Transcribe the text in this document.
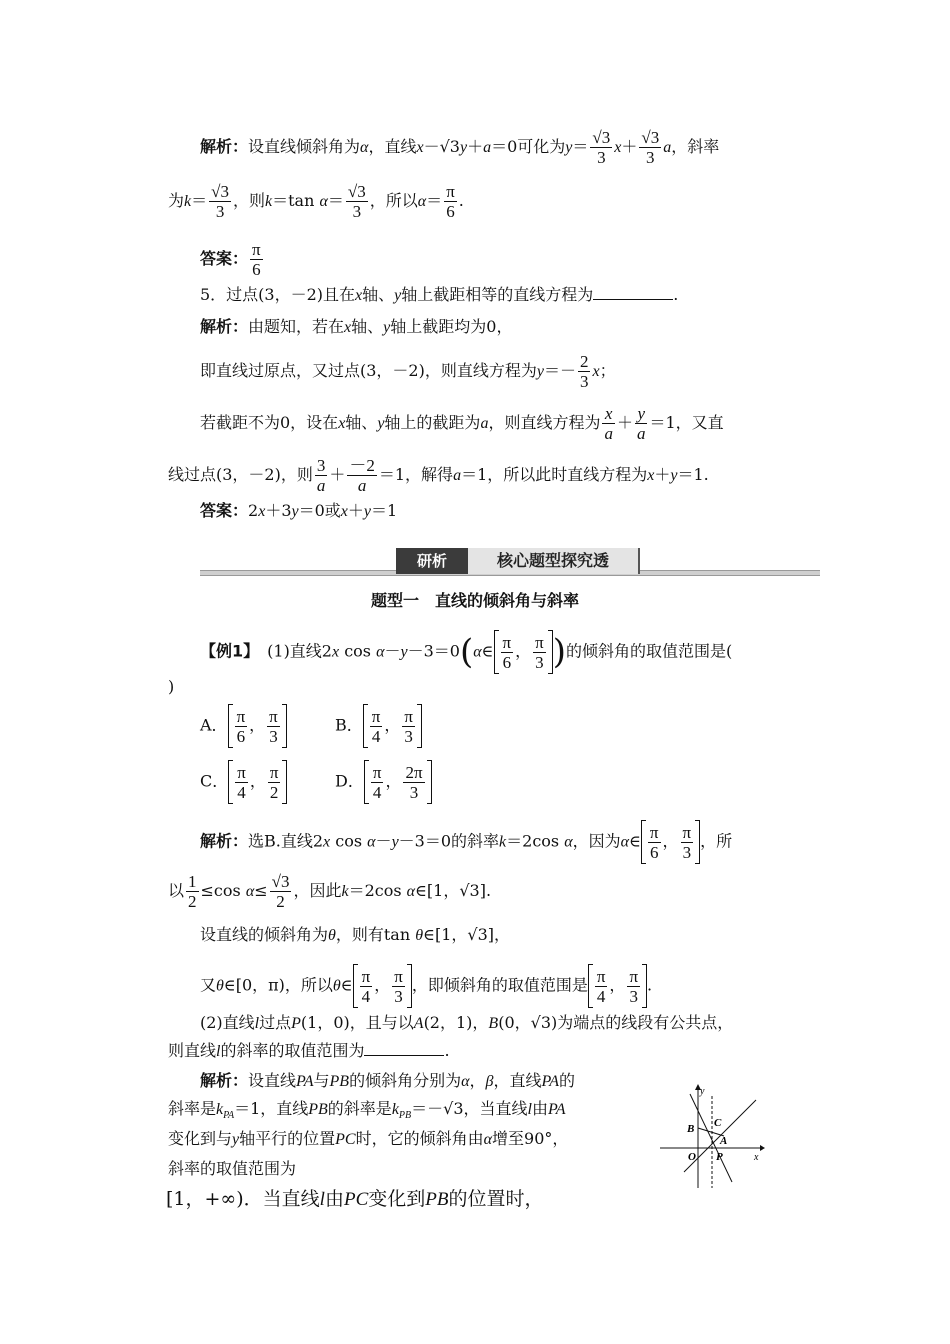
解析：设直线倾斜角为α，直线x－√3y＋a＝0可化为$y= \frac{√3}{3} x+ \frac{√3}{3}$ a，斜率
为$k= \frac{√3}{3}$ ，则k＝tan $\alpha= \frac{√3}{3}$ ，所以$\alpha= \frac{\pi}{6}$ .
答案： $\frac{\pi}{6}$
5．过点(3，－2)且在x轴、y轴上截距相等的直线方程为	.
解析：由题知，若在x轴、y轴上截距均为0，
即直线过原点，又过点(3，－2)，则直线方程为$y=- \frac{2}{3}$ x；
若截距不为0，设在x轴、y轴上的截距为a，则直线方程为 $\frac{x}{a} + \frac{y}{a} =1$，又直
线过点(3，－2)，则 $\frac{3}{a} + \frac{-2}{a} =1$，解得a＝1，所以此时直线方程为x＋y＝1.
答案：2x＋3y＝0或x＋y＝1
研析	核心题型探究透
题型一　直线的倾斜角与斜率
【例1】　(1)直线2x cos α－y－3＝0(α∈ $\frac{\pi}{6}$ ， $\frac{\pi}{3}$ )的倾斜角的取值范围是(
)
A． $\frac{\pi}{6}$ ， $\frac{\pi}{3}$	B． $\frac{\pi}{4}$ ， $\frac{\pi}{3}$
C． $\frac{\pi}{4}$ ， $\frac{\pi}{2}$	D． $\frac{\pi}{4}$ ， $\frac{2\pi}{3}$
解析：选B.直线2x cos α－y－3＝0的斜率k＝2cos α，因为α∈ $\frac{\pi}{6}$ ， $\frac{\pi}{3}$ ，所
以 $\frac{1}{2} \le\cos$ $\alpha\le \frac{√3}{2}$ ，因此k＝2cos α∈[1，√3].
设直线的倾斜角为θ，则有tan θ∈[1，√3]，
又θ∈[0，π)，所以θ∈ $\frac{\pi}{4}$ ， $\frac{\pi}{3}$ ，即倾斜角的取值范围是 $\frac{\pi}{4}$ ， $\frac{\pi}{3}$ .
(2)直线l过点P(1，0)，且与以A(2，1)，B(0，√3)为端点的线段有公共点，
则直线l的斜率的取值范围为	.
解析：设直线PA与PB的倾斜角分别为α，β，直线PA的
斜率是$k_{PA}=1$，直线PB的斜率是$k_{PB}=-√3$，当直线l由PA
变化到与y轴平行的位置PC时，它的倾斜角由α增至90°，
斜率的取值范围为
[1，+∞)．当直线l由PC变化到PB的位置时，
y
x
O P
A
B C
